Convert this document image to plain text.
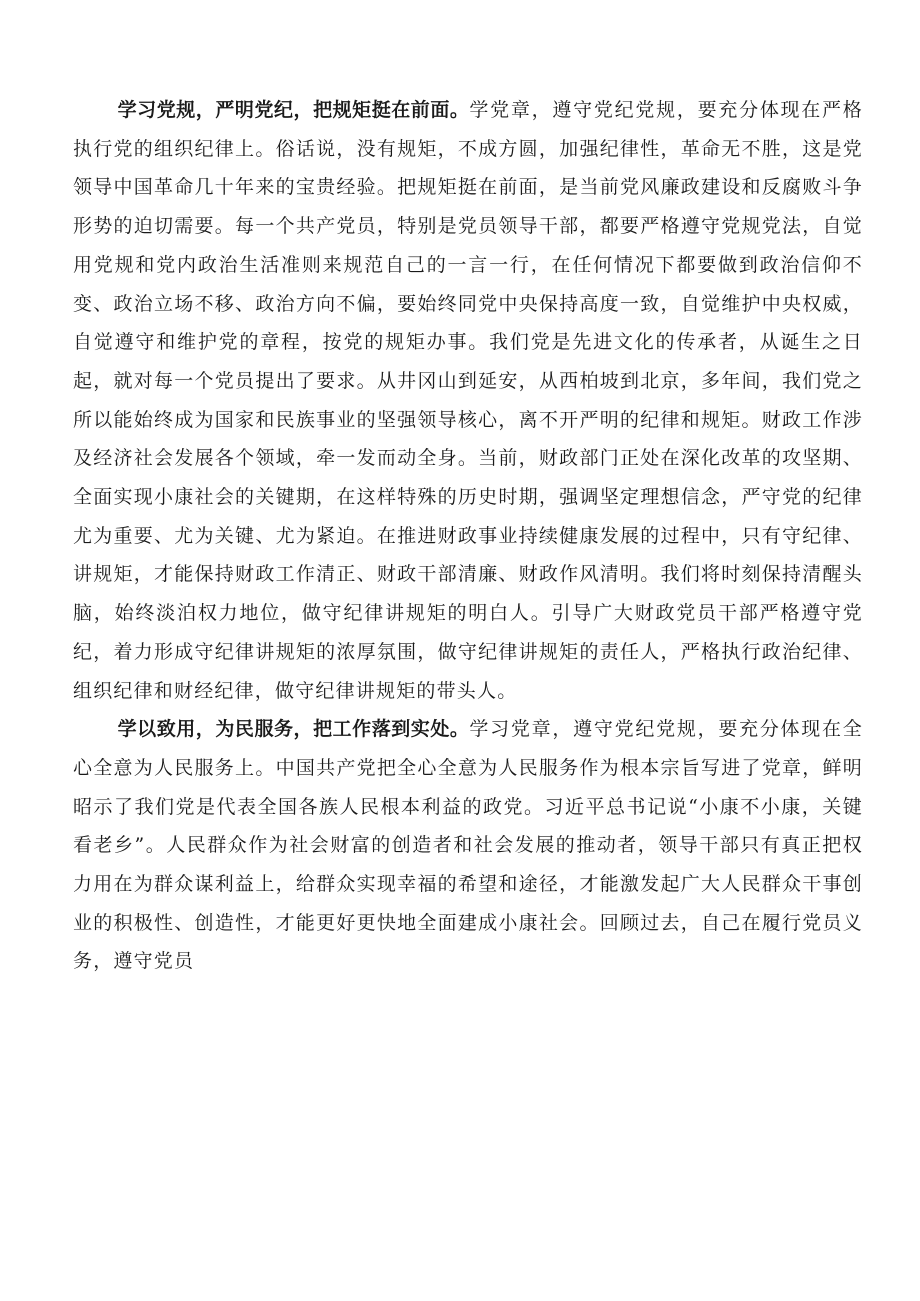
学习党规，严明党纪，把规矩挺在前面。学党章，遵守党纪党规，要充分体现在严格执行党的组织纪律上。俗话说，没有规矩，不成方圆，加强纪律性，革命无不胜，这是党领导中国革命几十年来的宝贵经验。把规矩挺在前面，是当前党风廉政建设和反腐败斗争形势的迫切需要。每一个共产党员，特别是党员领导干部，都要严格遵守党规党法，自觉用党规和党内政治生活准则来规范自己的一言一行，在任何情况下都要做到政治信仰不变、政治立场不移、政治方向不偏，要始终同党中央保持高度一致，自觉维护中央权威，自觉遵守和维护党的章程，按党的规矩办事。我们党是先进文化的传承者，从诞生之日起，就对每一个党员提出了要求。从井冈山到延安，从西柏坡到北京，多年间，我们党之所以能始终成为国家和民族事业的坚强领导核心，离不开严明的纪律和规矩。财政工作涉及经济社会发展各个领域，牵一发而动全身。当前，财政部门正处在深化改革的攻坚期、全面实现小康社会的关键期，在这样特殊的历史时期，强调坚定理想信念，严守党的纪律尤为重要、尤为关键、尤为紧迫。在推进财政事业持续健康发展的过程中，只有守纪律、讲规矩，才能保持财政工作清正、财政干部清廉、财政作风清明。我们将时刻保持清醒头脑，始终淡泊权力地位，做守纪律讲规矩的明白人。引导广大财政党员干部严格遵守党纪，着力形成守纪律讲规矩的浓厚氛围，做守纪律讲规矩的责任人，严格执行政治纪律、组织纪律和财经纪律，做守纪律讲规矩的带头人。

学以致用，为民服务，把工作落到实处。学习党章，遵守党纪党规，要充分体现在全心全意为人民服务上。中国共产党把全心全意为人民服务作为根本宗旨写进了党章，鲜明昭示了我们党是代表全国各族人民根本利益的政党。习近平总书记说“小康不小康，关键看老乡”。人民群众作为社会财富的创造者和社会发展的推动者，领导干部只有真正把权力用在为群众谋利益上，给群众实现幸福的希望和途径，才能激发起广大人民群众干事创业的积极性、创造性，才能更好更快地全面建成小康社会。回顾过去，自己在履行党员义务，遵守党员
